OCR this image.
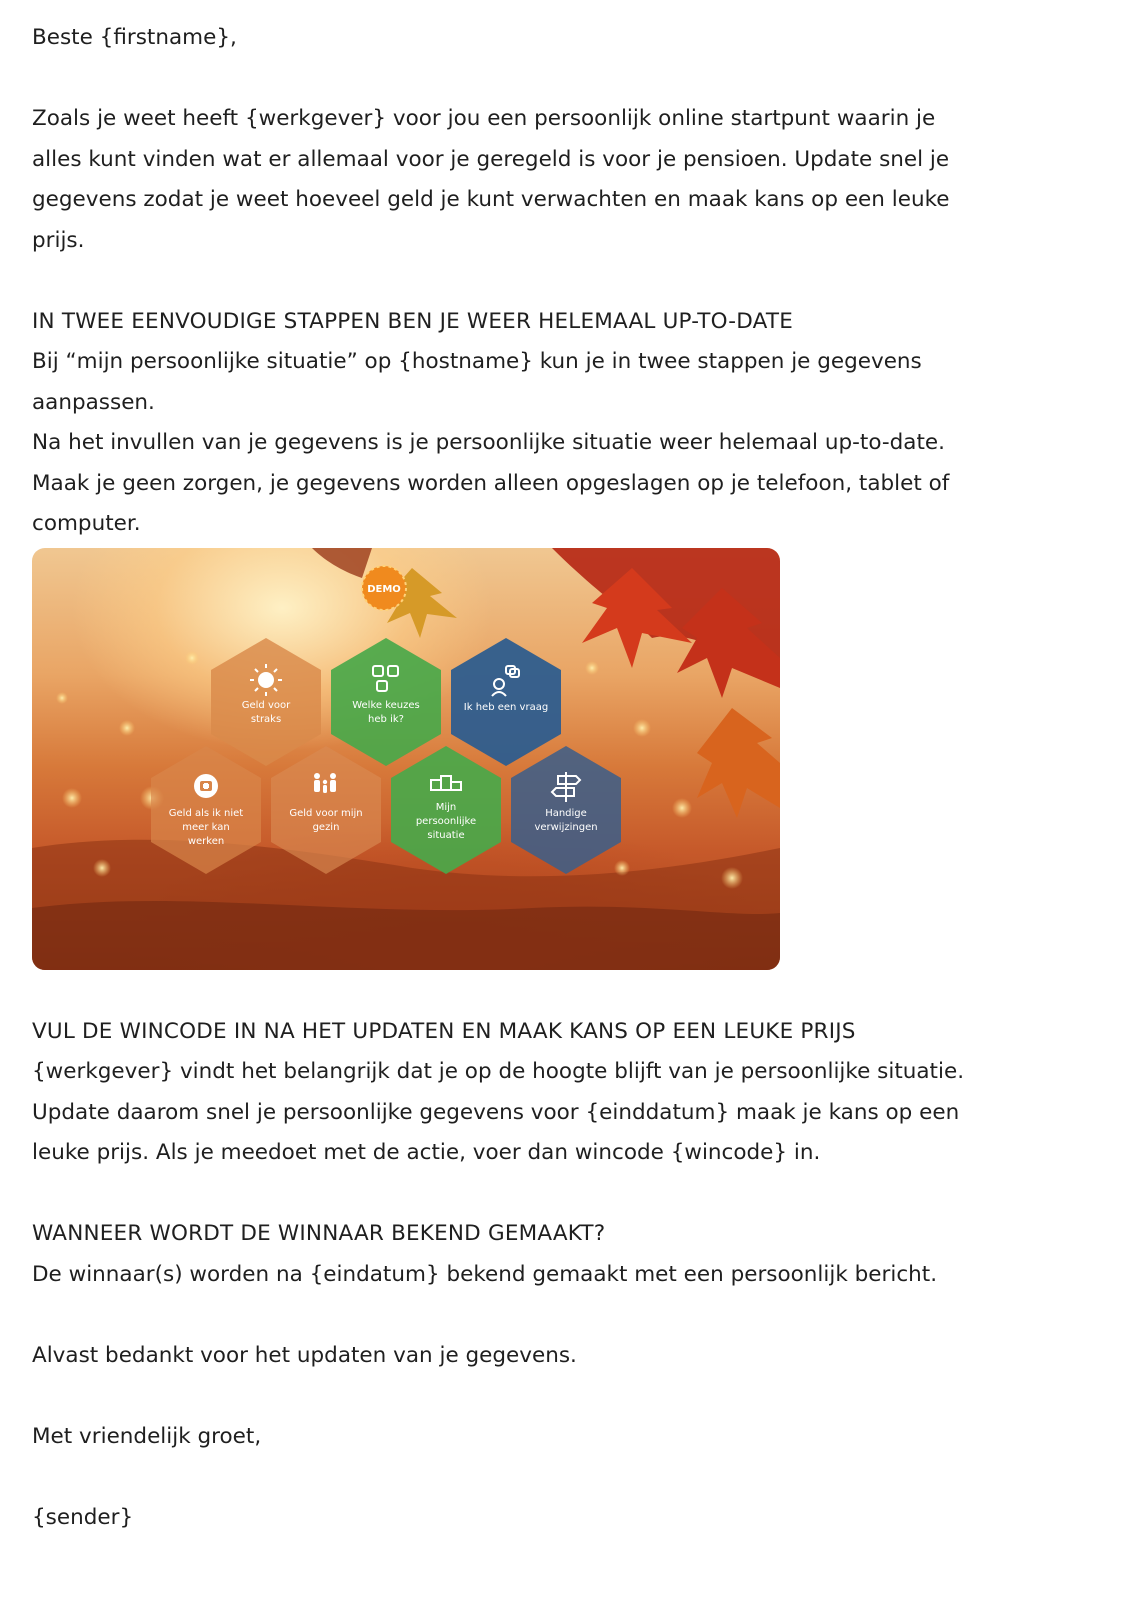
Beste {firstname},

Zoals je weet heeft {werkgever} voor jou een persoonlijk online startpunt waarin je

alles kunt vinden wat er allemaal voor je geregeld is voor je pensioen. Update snel je

gegevens zodat je weet hoeveel geld je kunt verwachten en maak kans op een leuke

prijs.

IN TWEE EENVOUDIGE STAPPEN BEN JE WEER HELEMAAL UP-TO-DATE

Bij “mijn persoonlijke situatie” op {hostname} kun je in twee stappen je gegevens

aanpassen.

Na het invullen van je gegevens is je persoonlijke situatie weer helemaal up-to-date.

Maak je geen zorgen, je gegevens worden alleen opgeslagen op je telefoon, tablet of

computer.

DEMO
Geld voor
straks
Welke keuzes
heb ik?
Ik heb een vraag
Geld als ik niet
meer kan
werken
Geld voor mijn
gezin
Mijn
persoonlijke
situatie
Handige
verwijzingen

VUL DE WINCODE IN NA HET UPDATEN EN MAAK KANS OP EEN LEUKE PRIJS

{werkgever} vindt het belangrijk dat je op de hoogte blijft van je persoonlijke situatie.

Update daarom snel je persoonlijke gegevens voor {einddatum} maak je kans op een

leuke prijs. Als je meedoet met de actie, voer dan wincode {wincode} in.

WANNEER WORDT DE WINNAAR BEKEND GEMAAKT?

De winnaar(s) worden na {eindatum} bekend gemaakt met een persoonlijk bericht.

Alvast bedankt voor het updaten van je gegevens.

Met vriendelijk groet,

{sender}
